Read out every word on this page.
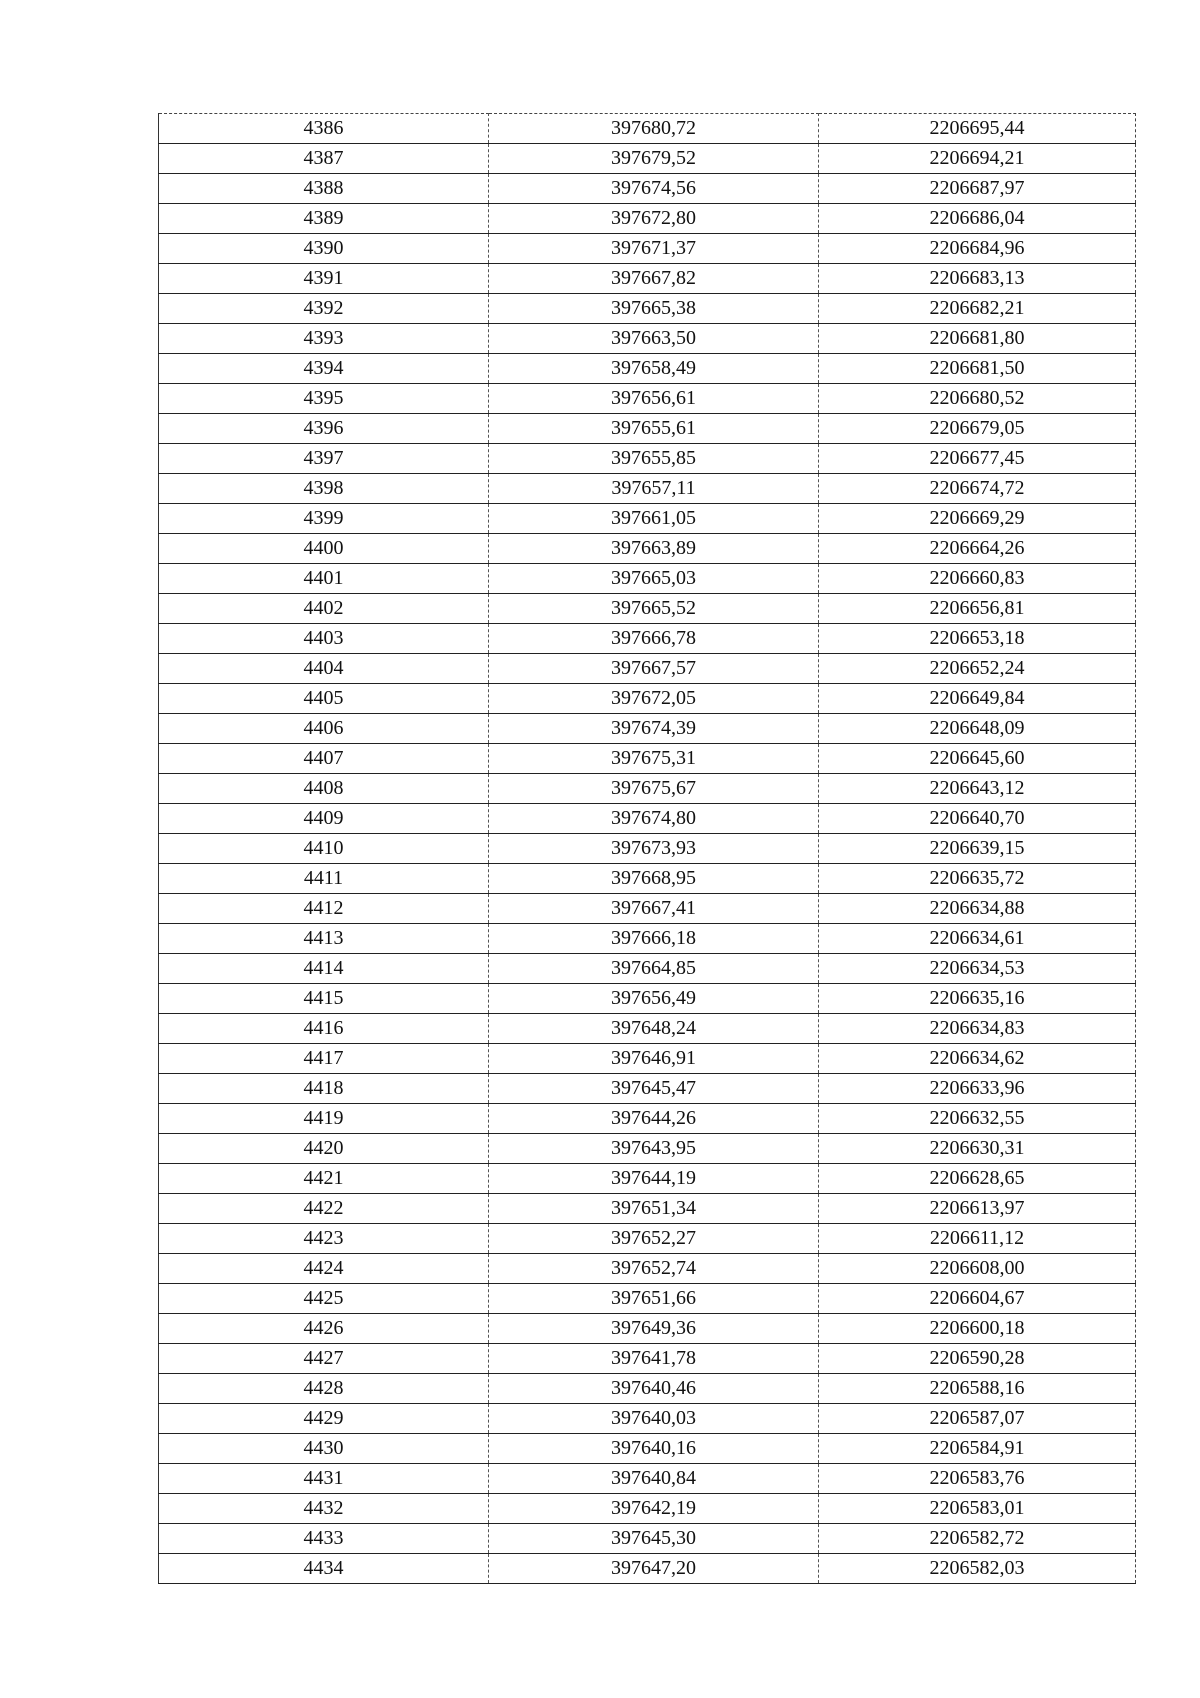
4386	397680,72	2206695,44
4387	397679,52	2206694,21
4388	397674,56	2206687,97
4389	397672,80	2206686,04
4390	397671,37	2206684,96
4391	397667,82	2206683,13
4392	397665,38	2206682,21
4393	397663,50	2206681,80
4394	397658,49	2206681,50
4395	397656,61	2206680,52
4396	397655,61	2206679,05
4397	397655,85	2206677,45
4398	397657,11	2206674,72
4399	397661,05	2206669,29
4400	397663,89	2206664,26
4401	397665,03	2206660,83
4402	397665,52	2206656,81
4403	397666,78	2206653,18
4404	397667,57	2206652,24
4405	397672,05	2206649,84
4406	397674,39	2206648,09
4407	397675,31	2206645,60
4408	397675,67	2206643,12
4409	397674,80	2206640,70
4410	397673,93	2206639,15
4411	397668,95	2206635,72
4412	397667,41	2206634,88
4413	397666,18	2206634,61
4414	397664,85	2206634,53
4415	397656,49	2206635,16
4416	397648,24	2206634,83
4417	397646,91	2206634,62
4418	397645,47	2206633,96
4419	397644,26	2206632,55
4420	397643,95	2206630,31
4421	397644,19	2206628,65
4422	397651,34	2206613,97
4423	397652,27	2206611,12
4424	397652,74	2206608,00
4425	397651,66	2206604,67
4426	397649,36	2206600,18
4427	397641,78	2206590,28
4428	397640,46	2206588,16
4429	397640,03	2206587,07
4430	397640,16	2206584,91
4431	397640,84	2206583,76
4432	397642,19	2206583,01
4433	397645,30	2206582,72
4434	397647,20	2206582,03
